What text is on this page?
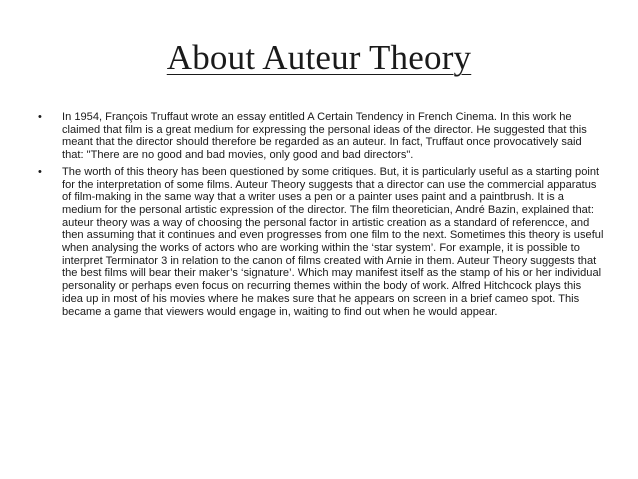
About Auteur Theory
• In 1954, François Truffaut wrote an essay entitled A Certain Tendency in French Cinema. In this work he claimed that film is a great medium for expressing the personal ideas of the director. He suggested that this meant that the director should therefore be regarded as an auteur. In fact, Truffaut once provocatively said that: "There are no good and bad movies, only good and bad directors".
• The worth of this theory has been questioned by some critiques. But, it is particularly useful as a starting point for the interpretation of some films. Auteur Theory suggests that a director can use the commercial apparatus of film-making in the same way that a writer uses a pen or a painter uses paint and a paintbrush. It is a medium for the personal artistic expression of the director. The film theoretician, André Bazin, explained that: auteur theory was a way of choosing the personal factor in artistic creation as a standard of referencce, and then assuming that it continues and even progresses from one film to the next. Sometimes this theory is useful when analysing the works of actors who are working within the ‘star system’. For example, it is possible to interpret Terminator 3 in relation to the canon of films created with Arnie in them. Auteur Theory suggests that the best films will bear their maker’s ‘signature’. Which may manifest itself as the stamp of his or her individual personality or perhaps even focus on recurring themes within the body of work. Alfred Hitchcock plays this idea up in most of his movies where he makes sure that he appears on screen in a brief cameo spot. This became a game that viewers would engage in, waiting to find out when he would appear.
